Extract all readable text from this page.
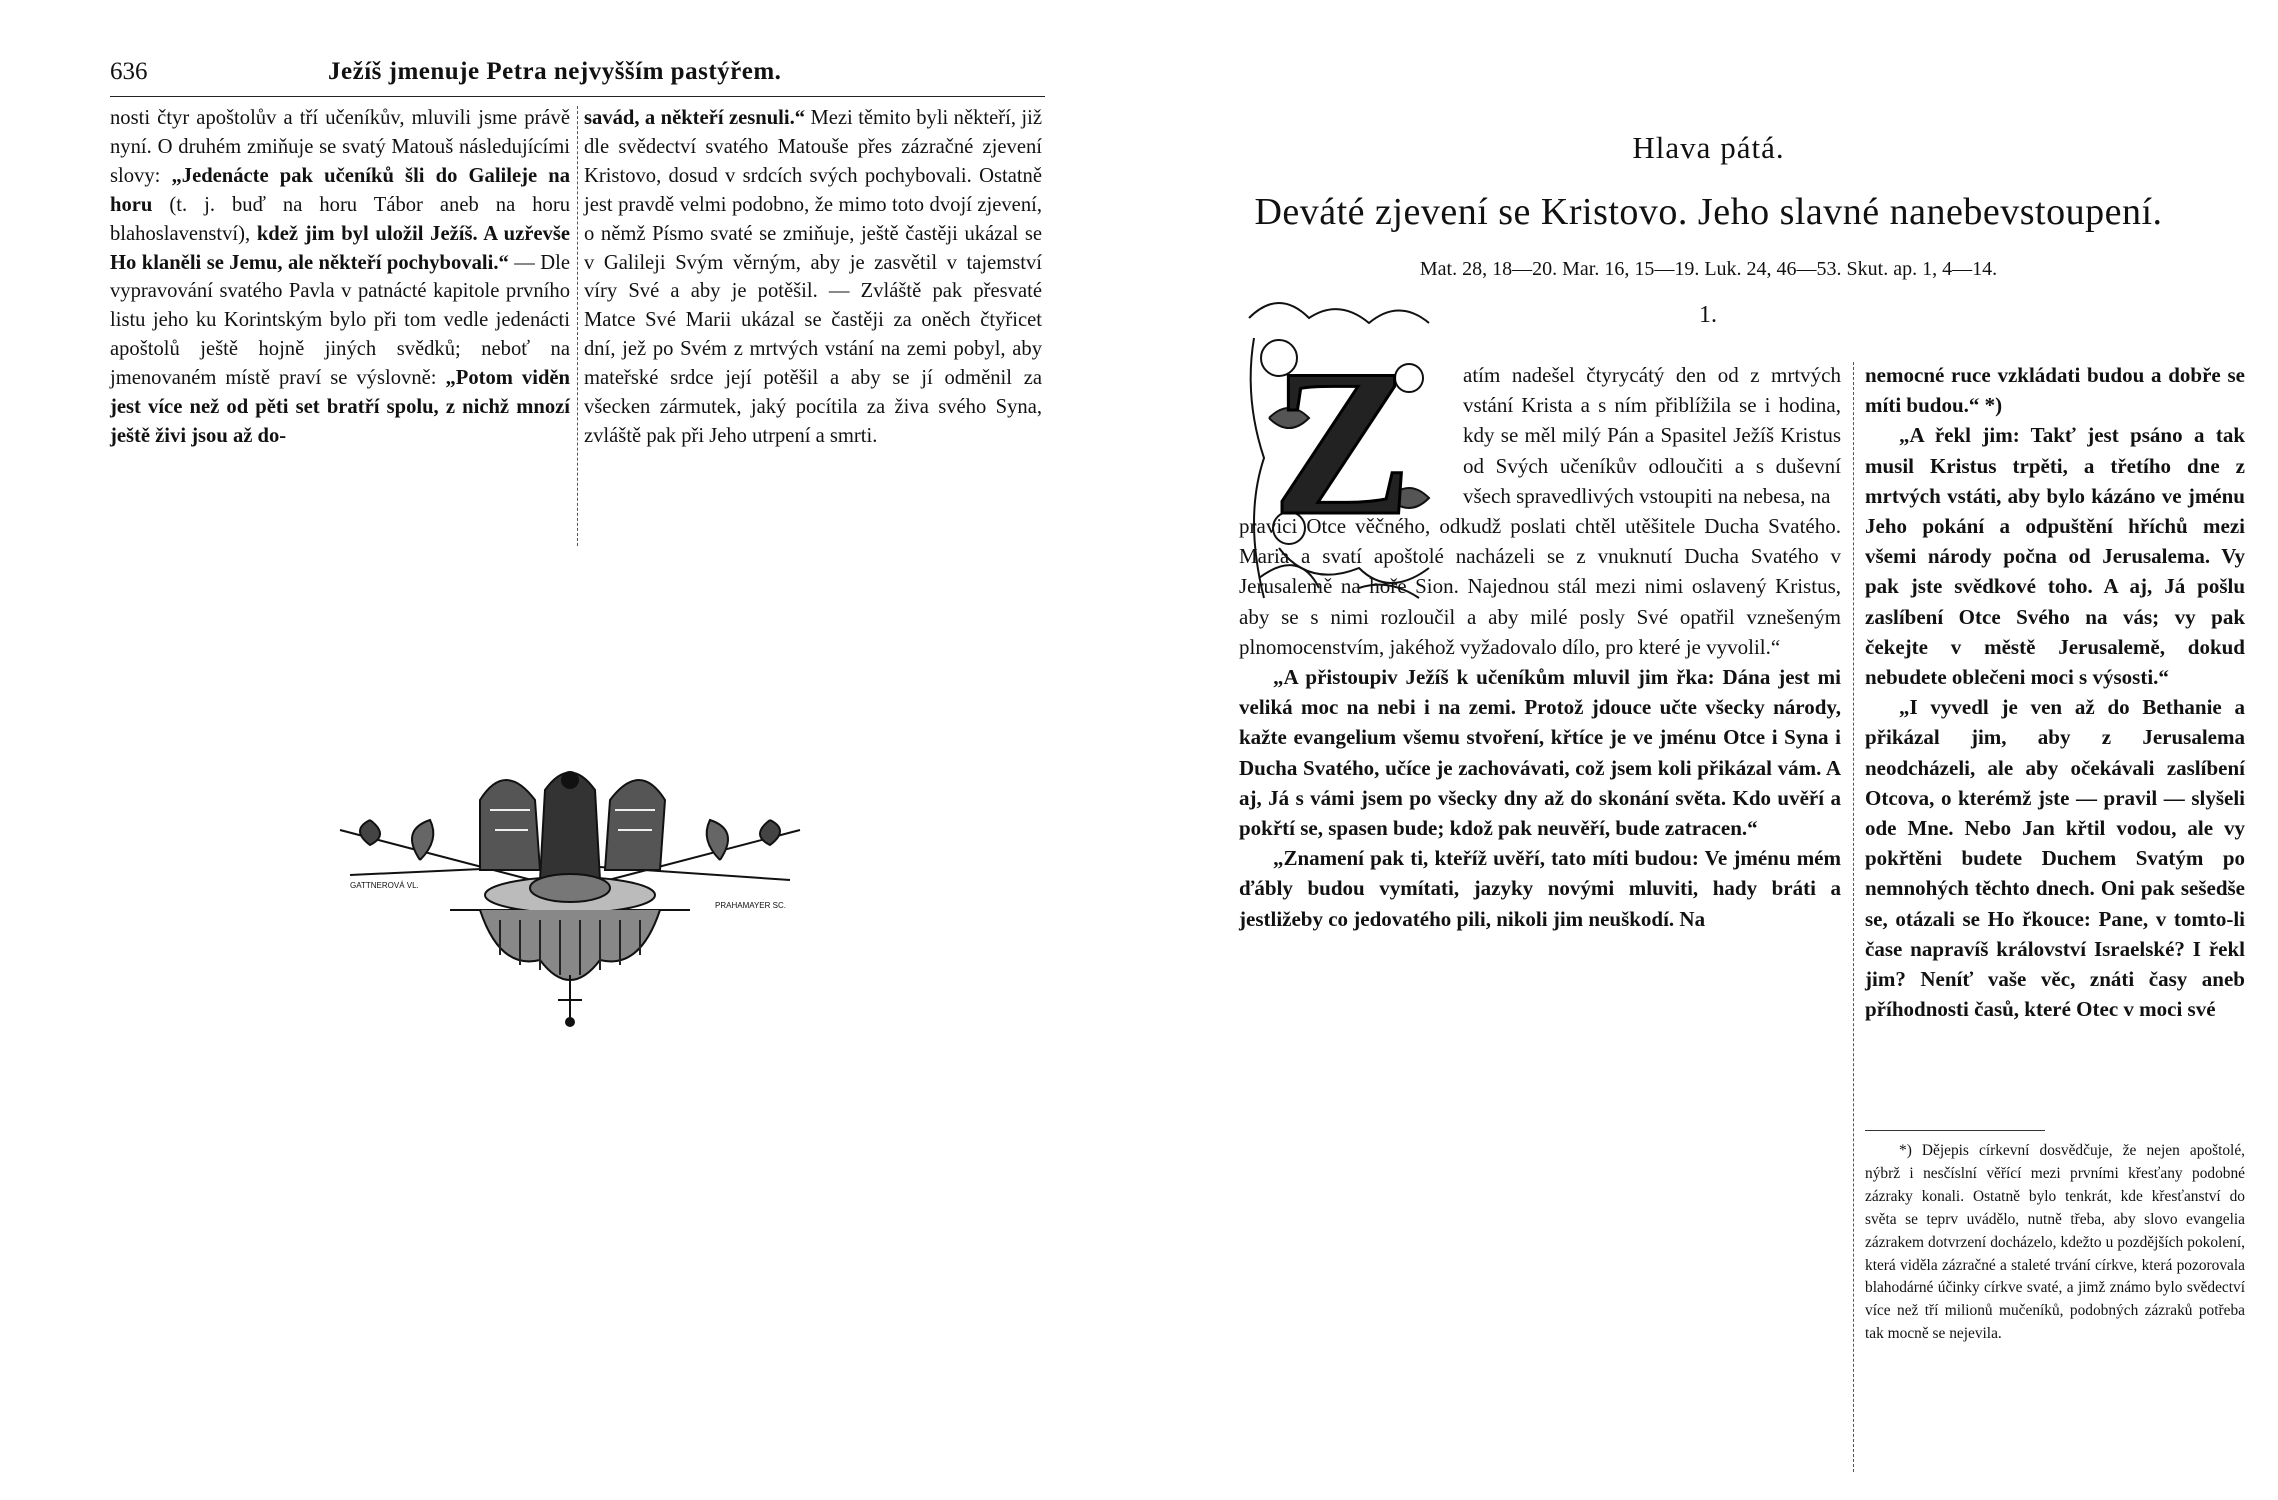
636	Ježíš jmenuje Petra nejvyšším pastýřem.

nosti čtyr apoštolův a tří učeníkův, mluvili jsme právě nyní. O druhém zmiňuje se svatý Matouš následujícími slovy: „Jedenácte pak učeníků šli do Galileje na horu (t. j. buď na horu Tábor aneb na horu blahoslavenství), kdež jim byl uložil Ježíš. A uzřevše Ho klaněli se Jemu, ale někteří pochybovali.“ — Dle vypravování svatého Pavla v patnácté kapitole prvního listu jeho ku Korintským bylo při tom vedle jedenácti apoštolů ještě hojně jiných svědků; neboť na jmenovaném místě praví se výslovně: „Potom viděn jest více než od pěti set bratří spolu, z nichž mnozí ještě živi jsou až do-

savád, a někteří zesnuli.“ Mezi těmito byli někteří, již dle svědectví svatého Matouše přes zázračné zjevení Kristovo, dosud v srdcích svých pochybovali. Ostatně jest pravdě velmi podobno, že mimo toto dvojí zjevení, o němž Písmo svaté se zmiňuje, ještě častěji ukázal se v Galileji Svým věrným, aby je zasvětil v tajemství víry Své a aby je potěšil. — Zvláště pak přesvaté Matce Své Marii ukázal se častěji za oněch čtyřicet dní, jež po Svém z mrtvých vstání na zemi pobyl, aby mateřské srdce její potěšil a aby se jí odměnil za všecken zármutek, jaký pocítila za živa svého Syna, zvláště pak při Jeho utrpení a smrti.

GATTNEROVÁ VL.
PRAHAMAYER SC.
Hlava pátá.
Deváté zjevení se Kristovo. Jeho slavné nanebevstoupení.
Mat. 28, 18—20. Mar. 16, 15—19. Luk. 24, 46—53. Skut. ap. 1, 4—14.
1.
Z atím nadešel čtyrycátý den od z mrtvých vstání Krista a s ním přiblížila se i hodina, kdy se měl milý Pán a Spasitel Ježíš Kristus od Svých učeníkův odloučiti a s duševní všech spravedlivých vstoupiti na nebesa, na

pravici Otce věčného, odkudž poslati chtěl utěšitele Ducha Svatého. Maria a svatí apoštolé nacházeli se z vnuknutí Ducha Svatého v Jerusalemě na hoře Sion. Najednou stál mezi nimi oslavený Kristus, aby se s nimi rozloučil a aby milé posly Své opatřil vznešeným plnomocenstvím, jakéhož vyžadovalo dílo, pro které je vyvolil.“

„A přistoupiv Ježíš k učeníkům mluvil jim řka: Dána jest mi veliká moc na nebi i na zemi. Protož jdouce učte všecky národy, kažte evangelium všemu stvoření, křtíce je ve jménu Otce i Syna i Ducha Svatého, učíce je zachovávati, což jsem koli přikázal vám. A aj, Já s vámi jsem po všecky dny až do skonání světa. Kdo uvěří a pokřtí se, spasen bude; kdož pak neuvěří, bude zatracen.“

„Znamení pak ti, kteříž uvěří, tato míti budou: Ve jménu mém ďábly budou vymítati, jazyky novými mluviti, hady bráti a jestližeby co jedovatého pili, nikoli jim neuškodí. Na

nemocné ruce vzkládati budou a dobře se míti budou.“ *)

„A řekl jim: Takť jest psáno a tak musil Kristus trpěti, a třetího dne z mrtvých vstáti, aby bylo kázáno ve jménu Jeho pokání a odpuštění hříchů mezi všemi národy počna od Jerusalema. Vy pak jste svědkové toho. A aj, Já pošlu zaslíbení Otce Svého na vás; vy pak čekejte v městě Jerusalemě, dokud nebudete oblečeni moci s výsosti.“

„I vyvedl je ven až do Bethanie a přikázal jim, aby z Jerusalema neodcházeli, ale aby očekávali zaslíbení Otcova, o kterémž jste — pravil — slyšeli ode Mne. Nebo Jan křtil vodou, ale vy pokřtěni budete Duchem Svatým po nemnohých těchto dnech. Oni pak sešedše se, otázali se Ho řkouce: Pane, v tomto-li čase napravíš království Israelské? I řekl jim? Neníť vaše věc, znáti časy aneb příhodnosti časů, které Otec v moci své

*) Dějepis církevní dosvědčuje, že nejen apoštolé, nýbrž i nesčíslní věřící mezi prvními křesťany podobné zázraky konali. Ostatně bylo tenkrát, kde křesťanství do světa se teprv uvádělo, nutně třeba, aby slovo evangelia zázrakem dotvrzení docházelo, kdežto u pozdějších pokolení, která viděla zázračné a staleté trvání církve, která pozorovala blahodárné účinky církve svaté, a jimž známo bylo svědectví více než tří milionů mučeníků, podobných zázraků potřeba tak mocně se nejevila.
